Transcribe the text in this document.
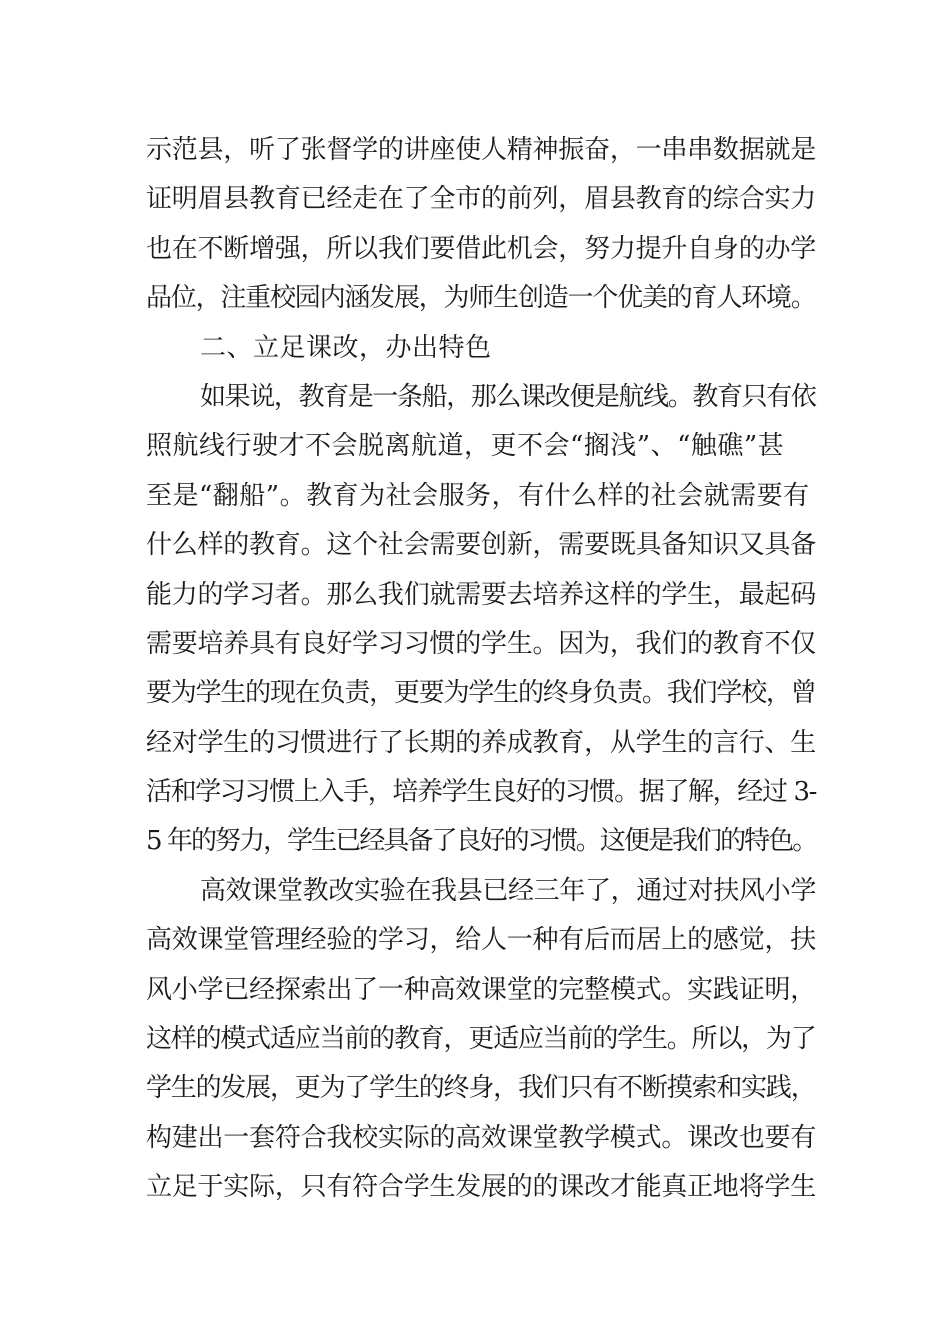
示范县，听了张督学的讲座使人精神振奋，一串串数据就是
证明眉县教育已经走在了全市的前列，眉县教育的综合实力
也在不断增强，所以我们要借此机会，努力提升自身的办学
品位，注重校园内涵发展，为师生创造一个优美的育人环境。
二、立足课改，办出特色
如果说，教育是一条船，那么课改便是航线。教育只有依
照航线行驶才不会脱离航道，更不会“搁浅”、“触礁”甚
至是“翻船”。教育为社会服务，有什么样的社会就需要有
什么样的教育。这个社会需要创新，需要既具备知识又具备
能力的学习者。那么我们就需要去培养这样的学生，最起码
需要培养具有良好学习习惯的学生。因为，我们的教育不仅
要为学生的现在负责，更要为学生的终身负责。我们学校，曾
经对学生的习惯进行了长期的养成教育，从学生的言行、生
活和学习习惯上入手，培养学生良好的习惯。据了解，经过 3-
5 年的努力，学生已经具备了良好的习惯。这便是我们的特色。
高效课堂教改实验在我县已经三年了，通过对扶风小学
高效课堂管理经验的学习，给人一种有后而居上的感觉，扶
风小学已经探索出了一种高效课堂的完整模式。实践证明，
这样的模式适应当前的教育，更适应当前的学生。所以，为了
学生的发展，更为了学生的终身，我们只有不断摸索和实践，
构建出一套符合我校实际的高效课堂教学模式。课改也要有
立足于实际，只有符合学生发展的的课改才能真正地将学生
